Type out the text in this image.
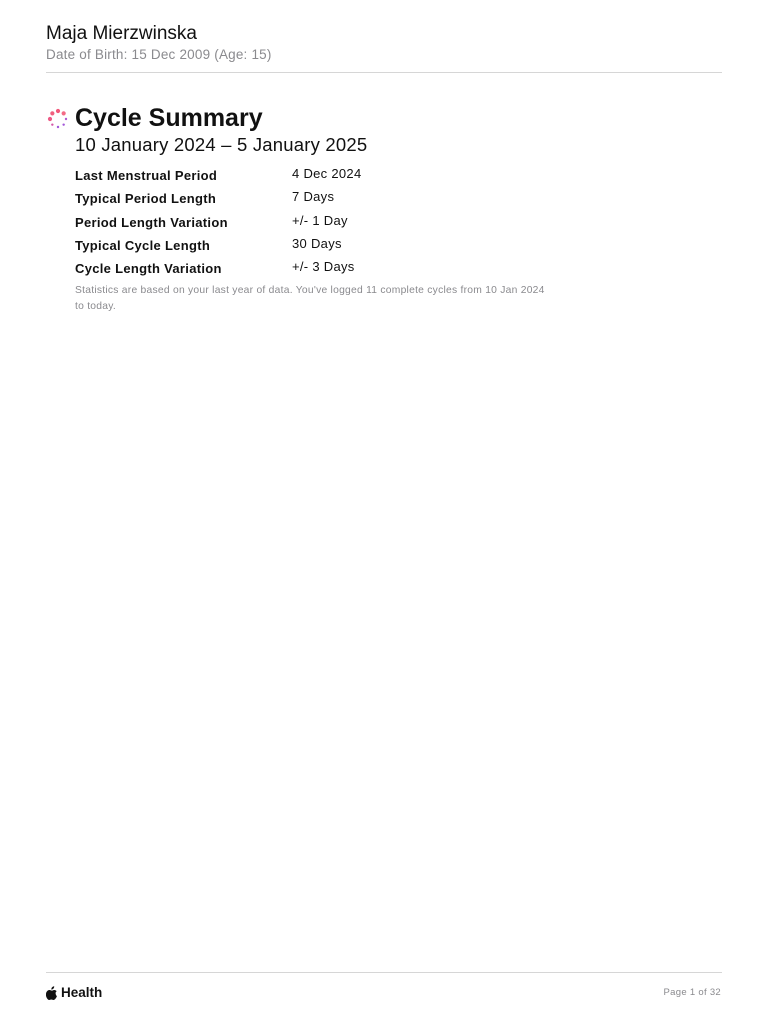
Maja Mierzwinska
Date of Birth: 15 Dec 2009 (Age: 15)
Cycle Summary
10 January 2024 – 5 January 2025
Last Menstrual Period	4 Dec 2024
Typical Period Length	7 Days
Period Length Variation	+/- 1 Day
Typical Cycle Length	30 Days
Cycle Length Variation	+/- 3 Days
Statistics are based on your last year of data. You've logged 11 complete cycles from 10 Jan 2024 to today.
Health	Page 1 of 32
